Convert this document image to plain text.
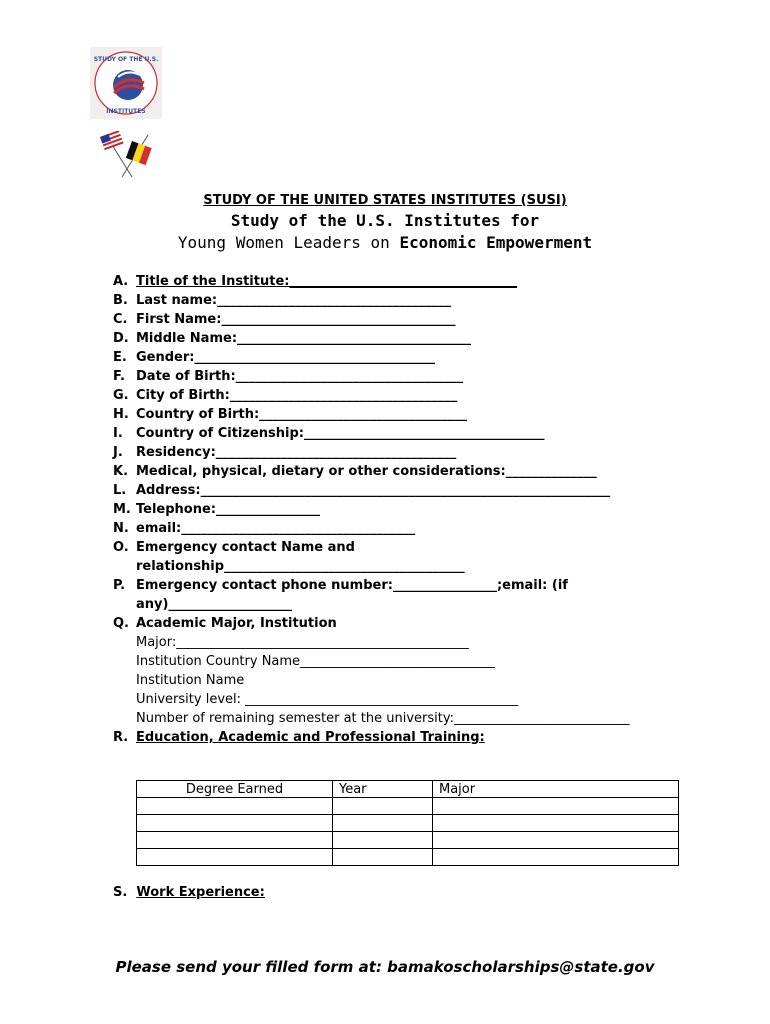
STUDY OF THE U.S.
INSTITUTES
STUDY OF THE UNITED STATES INSTITUTES (SUSI)
Study of the U.S. Institutes for
Young Women Leaders on Economic Empowerment
A. Title of the Institute:___________________________________
B. Last name:____________________________________
C. First Name:____________________________________
D. Middle Name:____________________________________
E. Gender:_____________________________________
F. Date of Birth:___________________________________
G. City of Birth:___________________________________
H. Country of Birth:________________________________
I. Country of Citizenship:_____________________________________
J. Residency:_____________________________________
K. Medical, physical, dietary or other considerations:______________
L. Address:_______________________________________________________________
M. Telephone:________________
N. email:____________________________________
O. Emergency contact Name and
relationship_____________________________________
P. Emergency contact phone number:________________;email: (if
any)___________________
Q. Academic Major, Institution
Major:_____________________________________________
Institution Country Name______________________________
Institution Name
University level: __________________________________________
Number of remaining semester at the university:___________________________
R. Education, Academic and Professional Training:
Degree Earned	Year	Major

S. Work Experience:
Please send your filled form at: bamakoscholarships@state.gov
